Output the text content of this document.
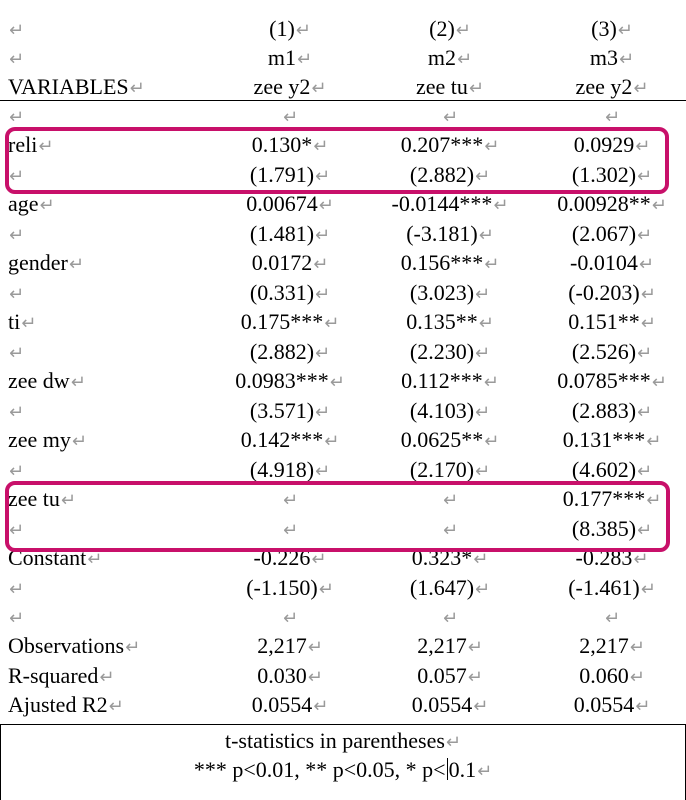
↵	(1)↵	(2)↵	(3)↵
↵	m1↵	m2↵	m3↵
VARIABLES↵	zee y2↵	zee tu↵	zee y2↵
↵	↵	↵	↵
reli↵	0.130*↵	0.207***↵	0.0929↵
↵	(1.791)↵	(2.882)↵	(1.302)↵
age↵	0.00674↵	-0.0144***↵ 0.00928**↵
↵	(1.481)↵	(-3.181)↵	(2.067)↵
gender↵	0.0172↵	0.156***↵	-0.0104↵
↵	(0.331)↵	(3.023)↵	(-0.203)↵
ti↵	0.175***↵	0.135**↵	0.151**↵
↵	(2.882)↵	(2.230)↵	(2.526)↵
zee dw↵	0.0983***↵	0.112***↵	0.0785***↵
↵	(3.571)↵	(4.103)↵	(2.883)↵
zee my↵	0.142***↵	0.0625**↵	0.131***↵
↵	(4.918)↵	(2.170)↵	(4.602)↵
zee tu↵	↵	↵	0.177***↵
↵	↵	↵	(8.385)↵
Constant↵	-0.226↵	0.323*↵	-0.283↵
↵	(-1.150)↵	(1.647)↵	(-1.461)↵
↵	↵	↵	↵
Observations↵	2,217↵	2,217↵	2,217↵
R-squared↵	0.030↵	0.057↵	0.060↵
Ajusted R2↵	0.0554↵	0.0554↵	0.0554↵
t-statistics in parentheses↵
*** p<0.01, ** p<0.05, * p< 0.1↵
